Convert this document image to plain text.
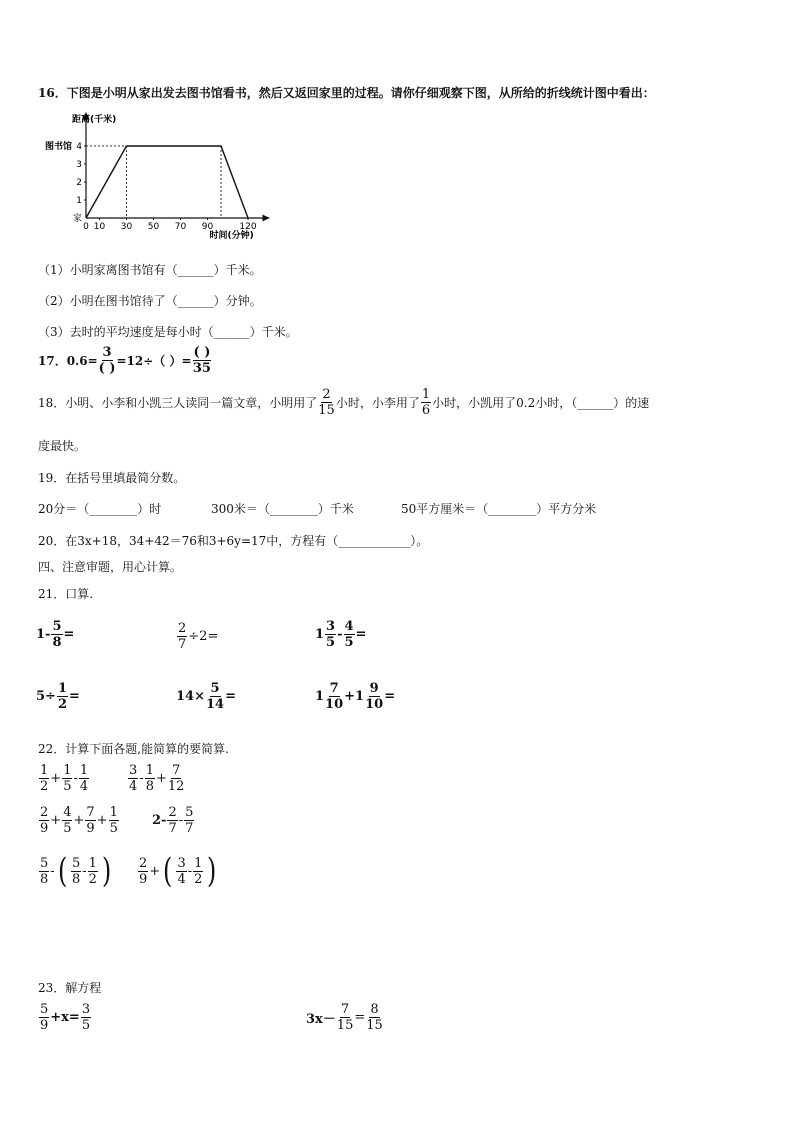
16．下图是小明从家出发去图书馆看书，然后又返回家里的过程。请你仔细观察下图，从所给的折线统计图中看出：
距离(千米)
时间(分钟)
家
1
2
3
4
图书馆
0 10 30 50 70 90	120
（1）小明家离图书馆有（______）千米。
（2）小明在图书馆待了（______）分钟。
（3）去时的平均速度是每小时（______）千米。
17．$0.6= \frac{3}{( )} =12\div$（ ）= $\frac{( )}{35}$
18．小明、小李和小凯三人读同一篇文章，小明用了 $\frac{2}{15}$ 小时，小李用了 $\frac{1}{6}$ 小时，小凯用了0.2小时，（______）的速
度最快。
19．在括号里填最简分数。
20分＝（________）时	300米＝（________）千米	50平方厘米＝（________）平方分米
20．在3x+18，34+42＝76和3+6y=17中，方程有（____________）。
四、注意审题，用心计算。
21．口算.
$1- \frac{5}{8}$ =	$\frac{2}{7} \div 2=$	$1 \frac{3}{5} - \frac{4}{5}$ =
$5\div \frac{1}{2}$ =	$14\times \frac{5}{14}$ =	$1 \frac{7}{10} +1 \frac{9}{10}$ =
22．计算下面各题,能简算的要简算.
$\frac{1}{2} + \frac{1}{5} - \frac{1}{4}$	$\frac{3}{4} - \frac{1}{8} + \frac{7}{12}$
$\frac{2}{9} + \frac{4}{5} + \frac{7}{9} + \frac{1}{5}$	$2- \frac{2}{7} - \frac{5}{7}$
$\frac{5}{8}$ - ( $\frac{5}{8} - \frac{1}{2}$ ) $\frac{2}{9}$ + ( $\frac{3}{4} - \frac{1}{2}$ )
23．解方程
$\frac{5}{9} +x= \frac{3}{5}$	$3x- \frac{7}{15} = \frac{8}{15}$
